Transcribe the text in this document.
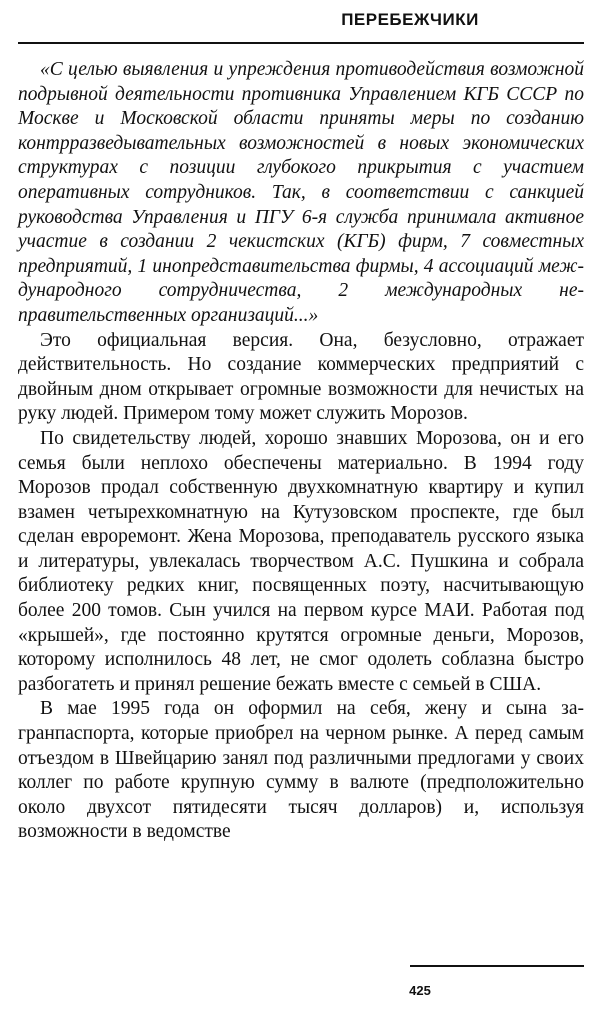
ПЕРЕБЕЖЧИКИ

«С целью выявления и упреждения противодействия возможной подрывной деятельности противника Управлением КГБ СССР по Москве и Московской области приняты меры по созданию контрразведывательных возможностей в новых экономических структурах с позиции глубокого прикрытия с участием оперативных сотрудников. Так, в соответствии с санкцией руководства Управления и ПГУ 6-я служба принимала активное участие в создании 2 чекистских (КГБ) фирм, 7 совместных предприятий, 1 инопредставительства фирмы, 4 ассоциаций международного сотрудничества, 2 международных неправительственных организаций...»

Это официальная версия. Она, безусловно, отражает действительность. Но создание коммерческих предприятий с двойным дном открывает огромные возможности для нечистых на руку людей. Примером тому может служить Морозов.

По свидетельству людей, хорошо знавших Морозова, он и его семья были неплохо обеспечены материально. В 1994 году Морозов продал собственную двухкомнатную квартиру и купил взамен четырехкомнатную на Кутузовском проспекте, где был сделан евроремонт. Жена Морозова, преподаватель русского языка и литературы, увлекалась творчеством А.С. Пушкина и собрала библиотеку редких книг, посвященных поэту, насчитывающую более 200 томов. Сын учился на первом курсе МАИ. Работая под «крышей», где постоянно крутятся огромные деньги, Морозов, которому исполнилось 48 лет, не смог одолеть соблазна быстро разбогатеть и принял решение бежать вместе с семьей в США.

В мае 1995 года он оформил на себя, жену и сына загранпаспорта, которые приобрел на черном рынке. А перед самым отъездом в Швейцарию занял под различными предлогами у своих коллег по работе крупную сумму в валюте (предположительно около двухсот пятидесяти тысяч долларов) и, используя возможности в ведомстве

425
